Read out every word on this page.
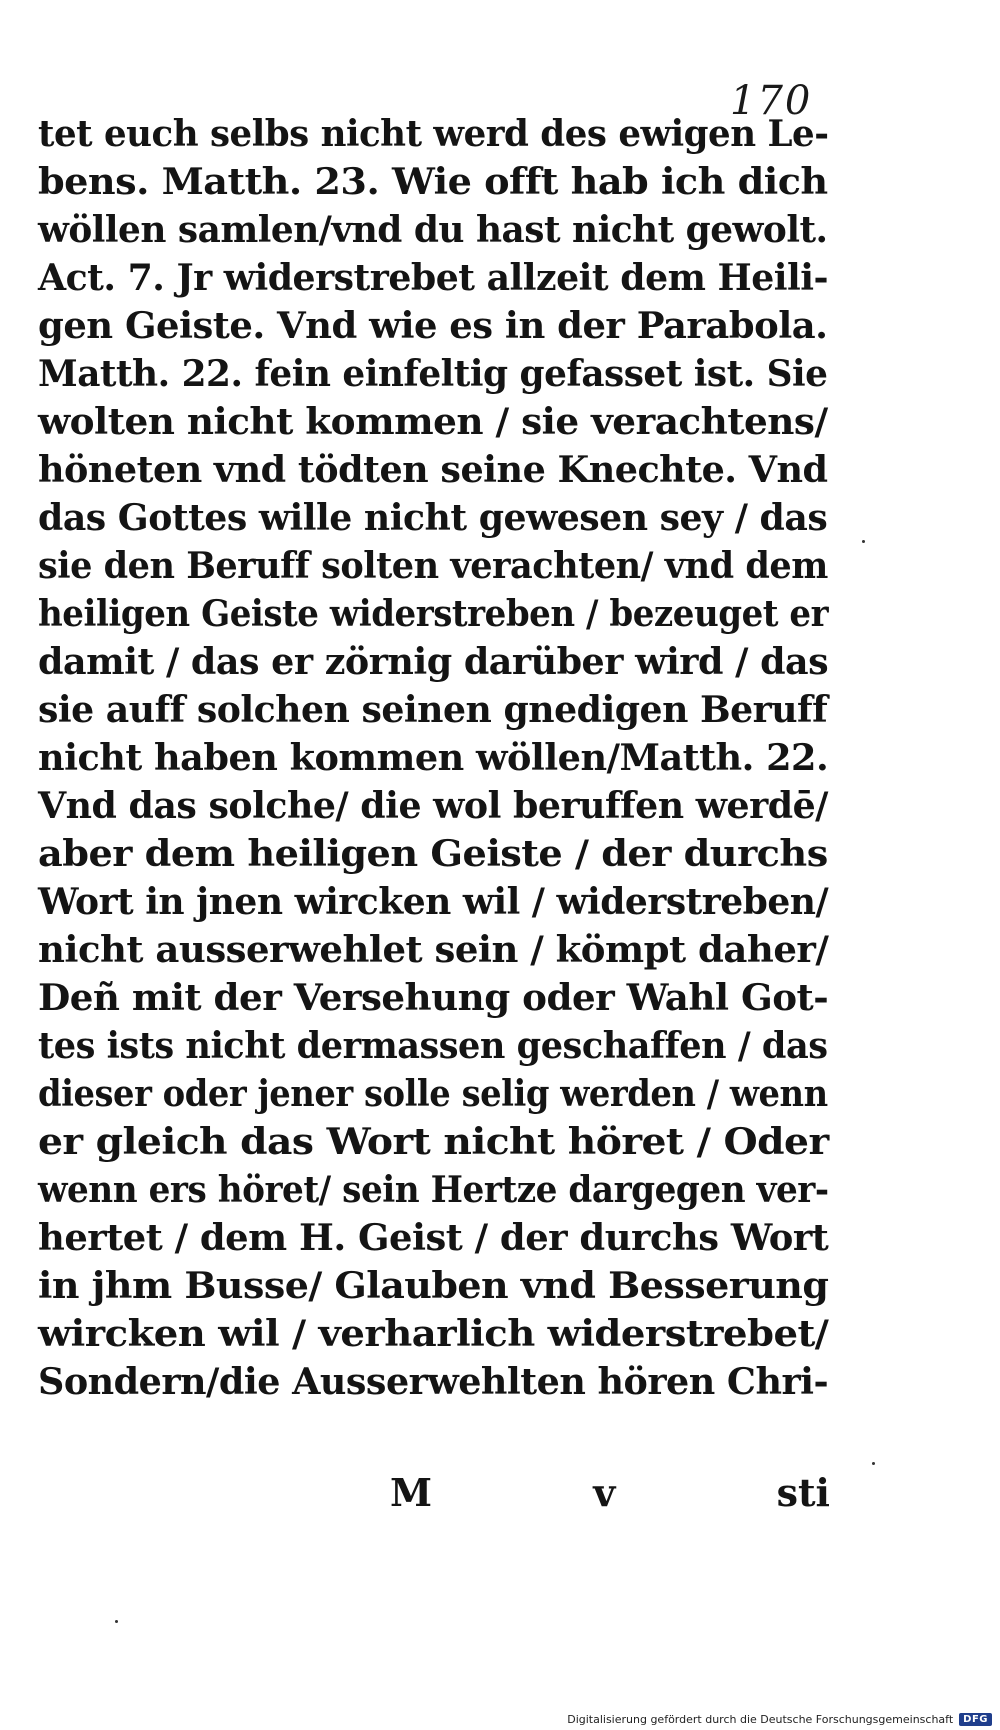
170
tet euch selbs nicht werd des ewigen Le-
bens. Matth. 23. Wie offt hab ich dich
wöllen samlen/vnd du hast nicht gewolt.
Act. 7. Jr widerstrebet allzeit dem Heili-
gen Geiste. Vnd wie es in der Parabola.
Matth. 22. fein einfeltig gefasset ist. Sie
wolten nicht kommen / sie verachtens/
höneten vnd tödten seine Knechte. Vnd
das Gottes wille nicht gewesen sey / das
sie den Beruff solten verachten/ vnd dem
heiligen Geiste widerstreben / bezeuget er
damit / das er zörnig darüber wird / das
sie auff solchen seinen gnedigen Beruff
nicht haben kommen wöllen/Matth. 22.
Vnd das solche/ die wol beruffen werdē/
aber dem heiligen Geiste / der durchs
Wort in jnen wircken wil / widerstreben/
nicht ausserwehlet sein / kömpt daher/
Deñ mit der Versehung oder Wahl Got-
tes ists nicht dermassen geschaffen / das
dieser oder jener solle selig werden / wenn
er gleich das Wort nicht höret / Oder
wenn ers höret/ sein Hertze dargegen ver-
hertet / dem H. Geist / der durchs Wort
in jhm Busse/ Glauben vnd Besserung
wircken wil / verharlich widerstrebet/
Sondern/die Ausserwehlten hören Chri-
M	v	sti
Digitalisierung gefördert durch die Deutsche Forschungsgemeinschaft	DFG
